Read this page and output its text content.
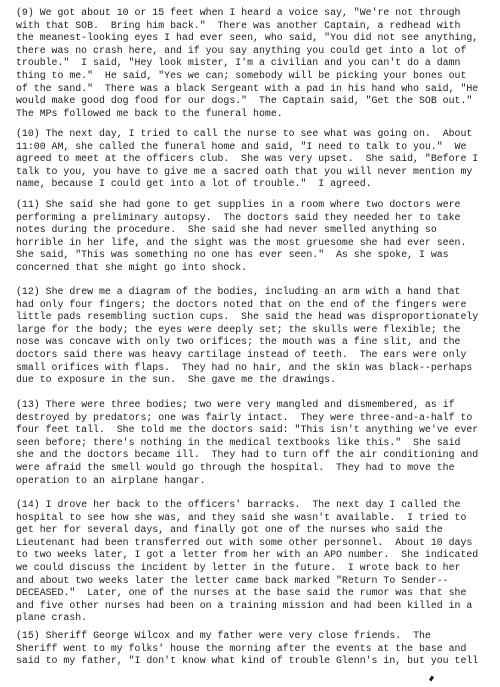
(9) We got about 10 or 15 feet when I heard a voice say, "We're not through
with that SOB.  Bring him back."  There was another Captain, a redhead with
the meanest-looking eyes I had ever seen, who said, "You did not see anything,
there was no crash here, and if you say anything you could get into a lot of
trouble."  I said, "Hey look mister, I'm a civilian and you can't do a damn
thing to me."  He said, "Yes we can; somebody will be picking your bones out
of the sand."  There was a black Sergeant with a pad in his hand who said, "He
would make good dog food for our dogs."  The Captain said, "Get the SOB out."
The MPs followed me back to the funeral home.
(10) The next day, I tried to call the nurse to see what was going on.  About
11:00 AM, she called the funeral home and said, "I need to talk to you."  We
agreed to meet at the officers club.  She was very upset.  She said, "Before I
talk to you, you have to give me a sacred oath that you will never mention my
name, because I could get into a lot of trouble."  I agreed.
(11) She said she had gone to get supplies in a room where two doctors were
performing a preliminary autopsy.  The doctors said they needed her to take
notes during the procedure.  She said she had never smelled anything so
horrible in her life, and the sight was the most gruesome she had ever seen.
She said, "This was something no one has ever seen."  As she spoke, I was
concerned that she might go into shock.
(12) She drew me a diagram of the bodies, including an arm with a hand that
had only four fingers; the doctors noted that on the end of the fingers were
little pads resembling suction cups.  She said the head was disproportionately
large for the body; the eyes were deeply set; the skulls were flexible; the
nose was concave with only two orifices; the mouth was a fine slit, and the
doctors said there was heavy cartilage instead of teeth.  The ears were only
small orifices with flaps.  They had no hair, and the skin was black--perhaps
due to exposure in the sun.  She gave me the drawings.
(13) There were three bodies; two were very mangled and dismembered, as if
destroyed by predators; one was fairly intact.  They were three-and-a-half to
four feet tall.  She told me the doctors said: "This isn't anything we've ever
seen before; there's nothing in the medical textbooks like this."  She said
she and the doctors became ill.  They had to turn off the air conditioning and
were afraid the smell would go through the hospital.  They had to move the
operation to an airplane hangar.
(14) I drove her back to the officers' barracks.  The next day I called the
hospital to see how she was, and they said she wasn't available.  I tried to
get her for several days, and finally got one of the nurses who said the
Lieutenant had been transferred out with some other personnel.  About 10 days
to two weeks later, I got a letter from her with an APO number.  She indicated
we could discuss the incident by letter in the future.  I wrote back to her
and about two weeks later the letter came back marked "Return To Sender--
DECEASED."  Later, one of the nurses at the base said the rumor was that she
and five other nurses had been on a training mission and had been killed in a
plane crash.
(15) Sheriff George Wilcox and my father were very close friends.  The
Sheriff went to my folks' house the morning after the events at the base and
said to my father, "I don't know what kind of trouble Glenn's in, but you tell
